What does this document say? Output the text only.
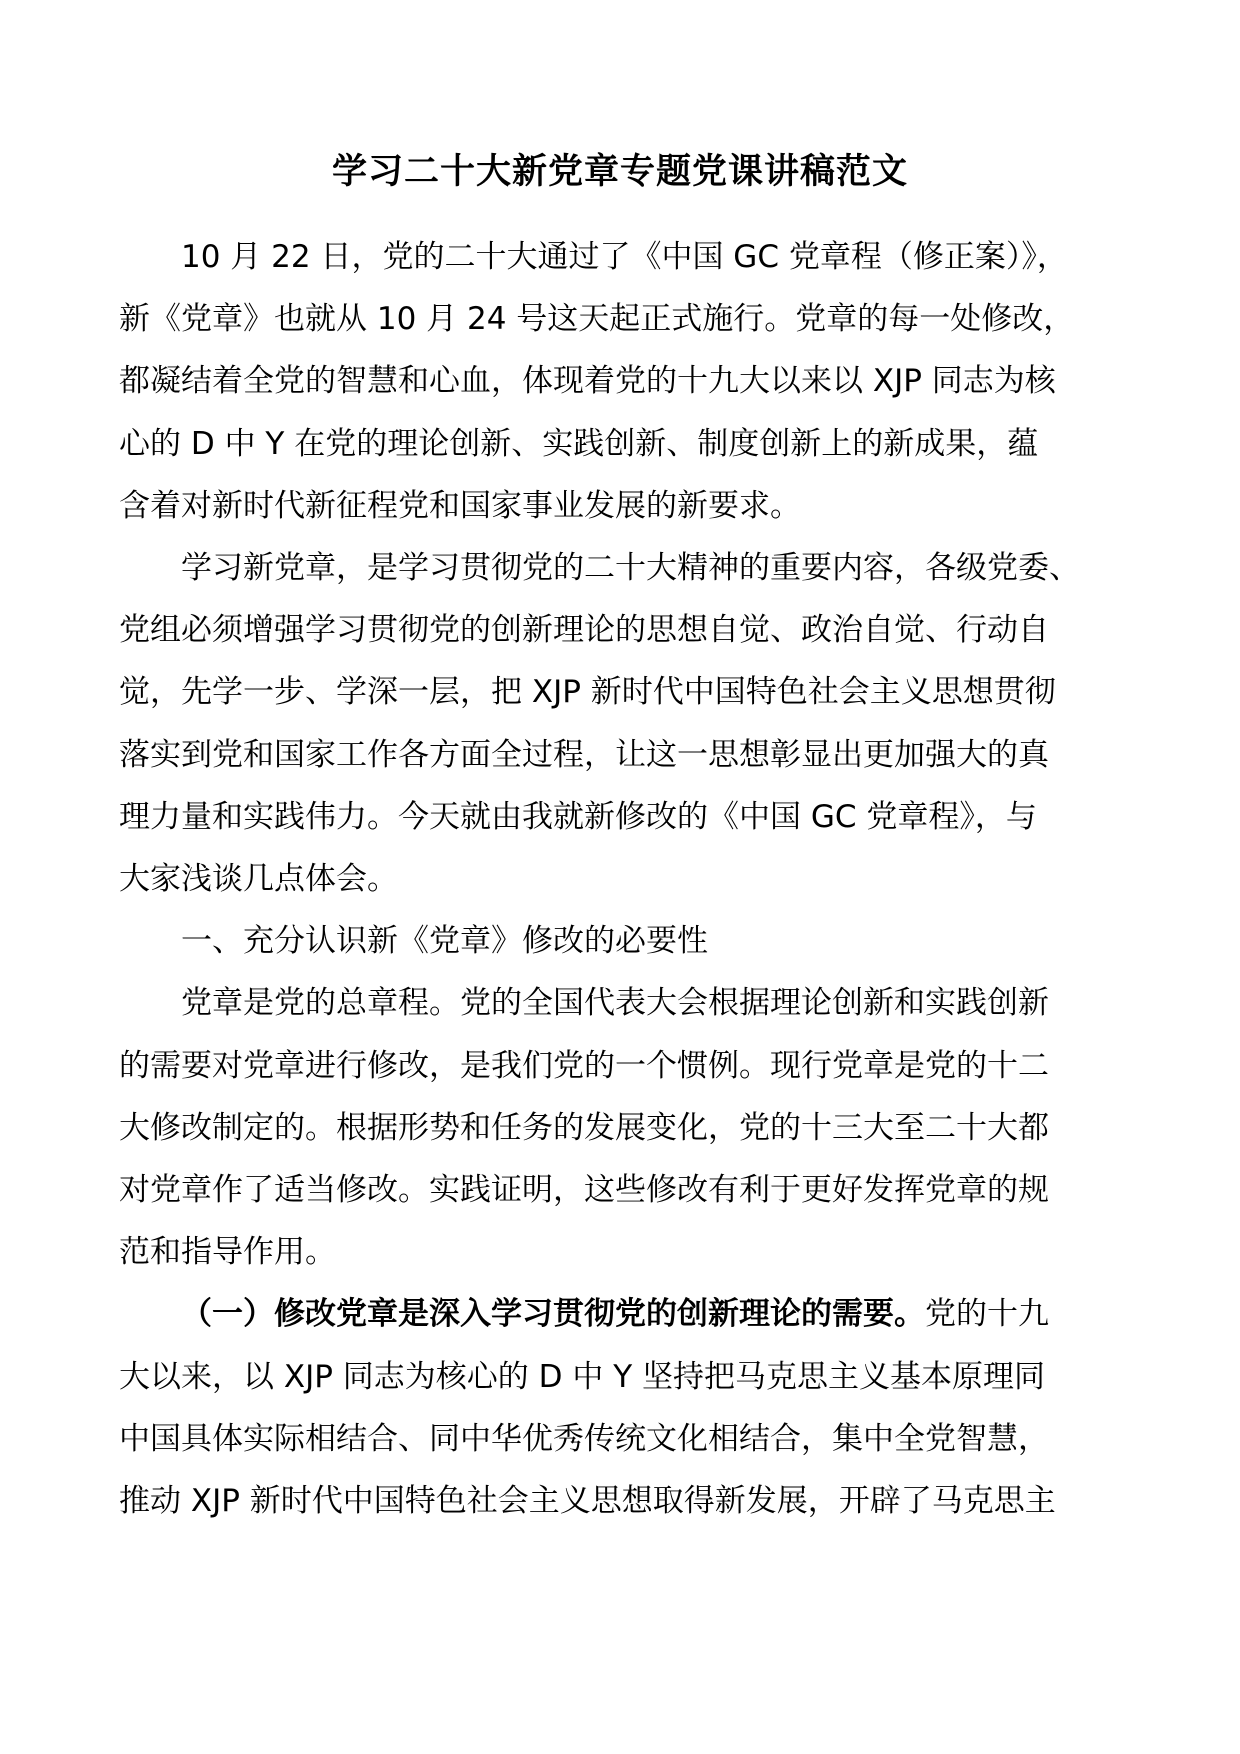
学习二十大新党章专题党课讲稿范文
10 月 22 日，党的二十大通过了《中国 GC 党章程（修正案）》，
新《党章》也就从 10 月 24 号这天起正式施行。党章的每一处修改，
都凝结着全党的智慧和心血，体现着党的十九大以来以 XJP 同志为核
心的 D 中 Y 在党的理论创新、实践创新、制度创新上的新成果，蕴
含着对新时代新征程党和国家事业发展的新要求。
学习新党章，是学习贯彻党的二十大精神的重要内容，各级党委、
党组必须增强学习贯彻党的创新理论的思想自觉、政治自觉、行动自
觉，先学一步、学深一层，把 XJP 新时代中国特色社会主义思想贯彻
落实到党和国家工作各方面全过程，让这一思想彰显出更加强大的真
理力量和实践伟力。今天就由我就新修改的《中国 GC 党章程》，与
大家浅谈几点体会。
一、充分认识新《党章》修改的必要性
党章是党的总章程。党的全国代表大会根据理论创新和实践创新
的需要对党章进行修改，是我们党的一个惯例。现行党章是党的十二
大修改制定的。根据形势和任务的发展变化，党的十三大至二十大都
对党章作了适当修改。实践证明，这些修改有利于更好发挥党章的规
范和指导作用。
（一）修改党章是深入学习贯彻党的创新理论的需要。党的十九
大以来，以 XJP 同志为核心的 D 中 Y 坚持把马克思主义基本原理同
中国具体实际相结合、同中华优秀传统文化相结合，集中全党智慧，
推动 XJP 新时代中国特色社会主义思想取得新发展，开辟了马克思主
